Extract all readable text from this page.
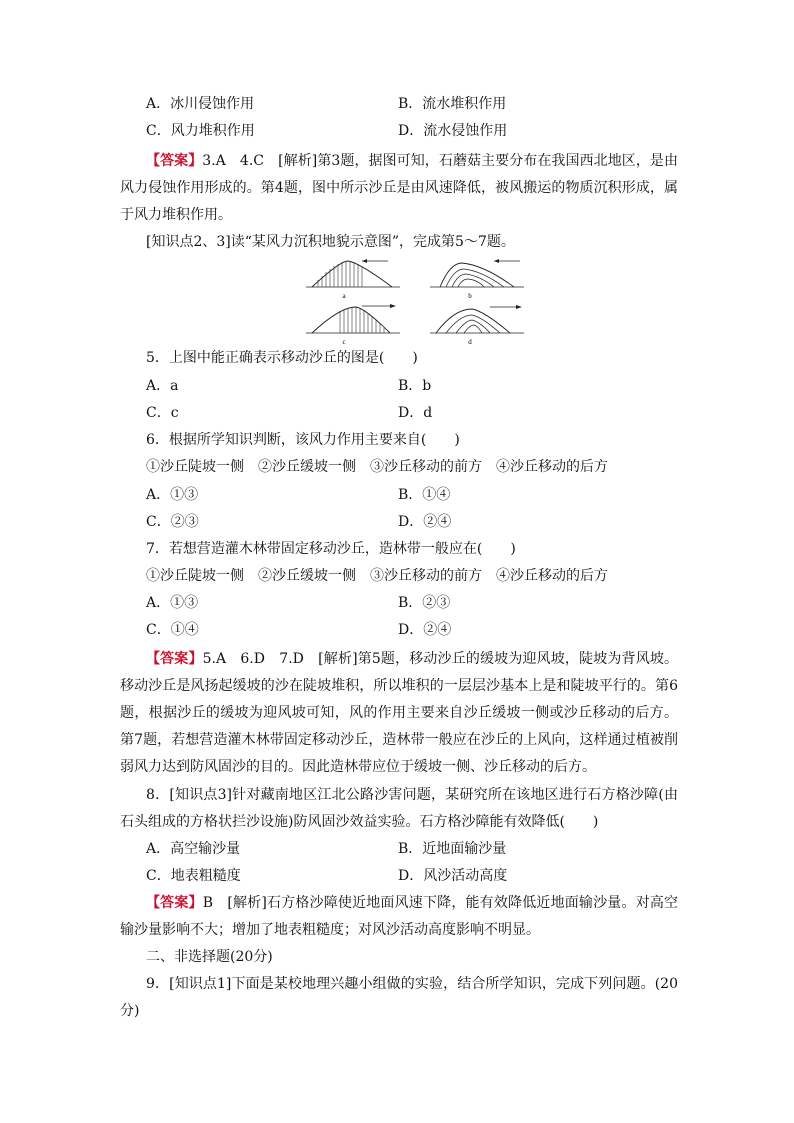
A．冰川侵蚀作用	B．流水堆积作用
C．风力堆积作用	D．流水侵蚀作用
【答案】3.A　4.C　[解析]第3题，据图可知，石蘑菇主要分布在我国西北地区，是由风力侵蚀作用形成的。第4题，图中所示沙丘是由风速降低，被风搬运的物质沉积形成，属于风力堆积作用。
[知识点2、3]读“某风力沉积地貌示意图”，完成第5～7题。
a	b
c	d
5．上图中能正确表示移动沙丘的图是(　　)
A．a	B．b
C．c	D．d
6．根据所学知识判断，该风力作用主要来自(　　)
①沙丘陡坡一侧　②沙丘缓坡一侧　③沙丘移动的前方　④沙丘移动的后方
A．①③	B．①④
C．②③	D．②④
7．若想营造灌木林带固定移动沙丘，造林带一般应在(　　)
①沙丘陡坡一侧　②沙丘缓坡一侧　③沙丘移动的前方　④沙丘移动的后方
A．①③	B．②③
C．①④	D．②④
【答案】5.A　6.D　7.D　[解析]第5题，移动沙丘的缓坡为迎风坡，陡坡为背风坡。移动沙丘是风扬起缓坡的沙在陡坡堆积，所以堆积的一层层沙基本上是和陡坡平行的。第6题，根据沙丘的缓坡为迎风坡可知，风的作用主要来自沙丘缓坡一侧或沙丘移动的后方。第7题，若想营造灌木林带固定移动沙丘，造林带一般应在沙丘的上风向，这样通过植被削弱风力达到防风固沙的目的。因此造林带应位于缓坡一侧、沙丘移动的后方。
8．[知识点3]针对藏南地区江北公路沙害问题，某研究所在该地区进行石方格沙障(由石头组成的方格状拦沙设施)防风固沙效益实验。石方格沙障能有效降低(　　)
A．高空输沙量	B．近地面输沙量
C．地表粗糙度	D．风沙活动高度
【答案】B　[解析]石方格沙障使近地面风速下降，能有效降低近地面输沙量。对高空输沙量影响不大；增加了地表粗糙度；对风沙活动高度影响不明显。
二、非选择题(20分)
9．[知识点1]下面是某校地理兴趣小组做的实验，结合所学知识，完成下列问题。(20分)
